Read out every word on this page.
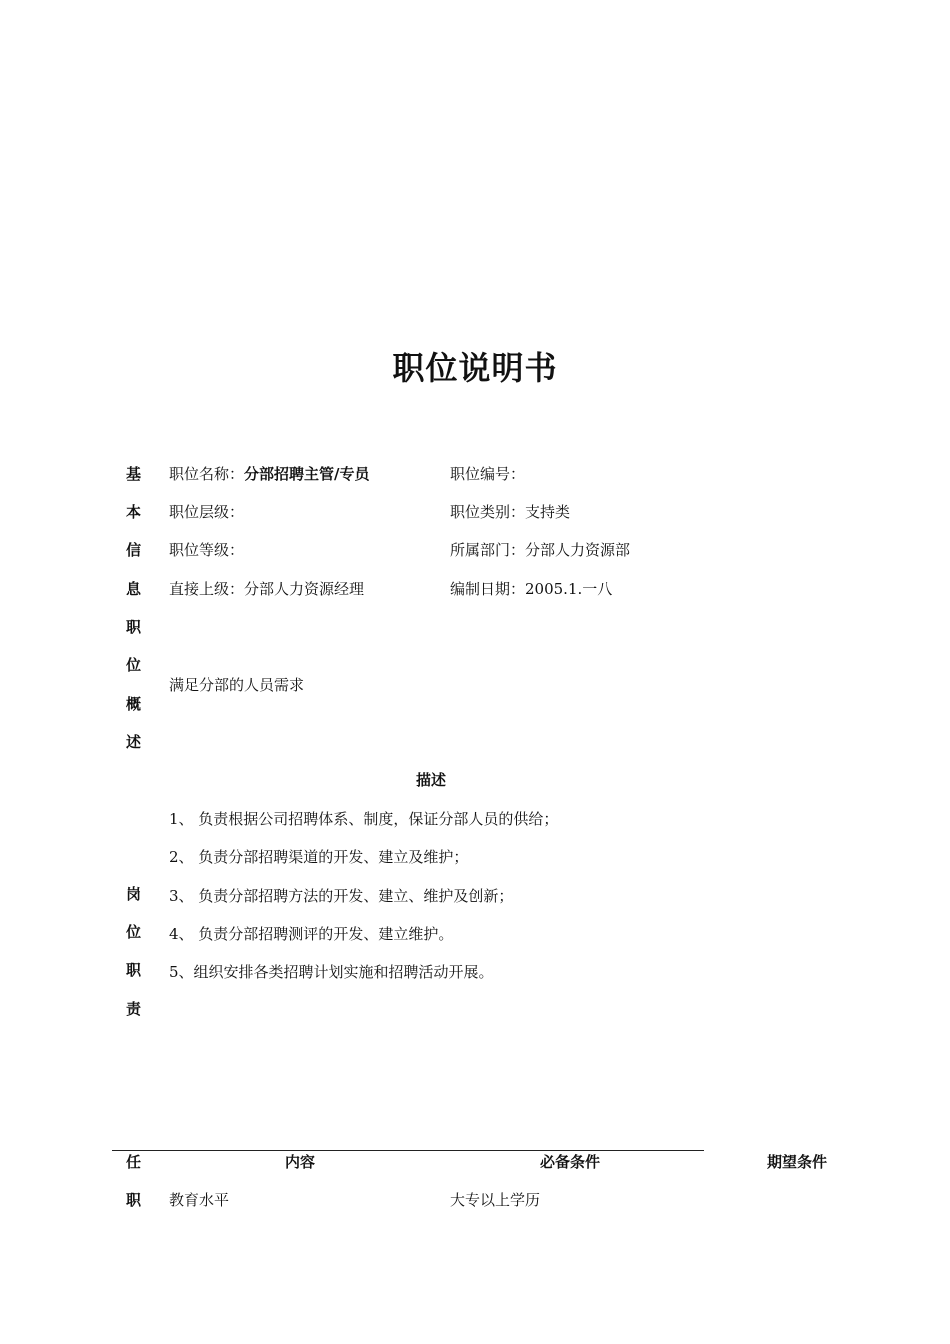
职位说明书
基
本
信
息
职位名称：分部招聘主管/专员	职位编号：
职位层级：	职位类别：支持类
职位等级：	所属部门：分部人力资源部
直接上级：分部人力资源经理	编制日期：2005.1.一八
职
位
概
述
满足分部的人员需求
描述
1、 负责根据公司招聘体系、制度，保证分部人员的供给；
2、 负责分部招聘渠道的开发、建立及维护；
3、 负责分部招聘方法的开发、建立、维护及创新；
4、 负责分部招聘测评的开发、建立维护。
5、组织安排各类招聘计划实施和招聘活动开展。
岗
位
职
责
任
职
内容	必备条件	期望条件
教育水平	大专以上学历
